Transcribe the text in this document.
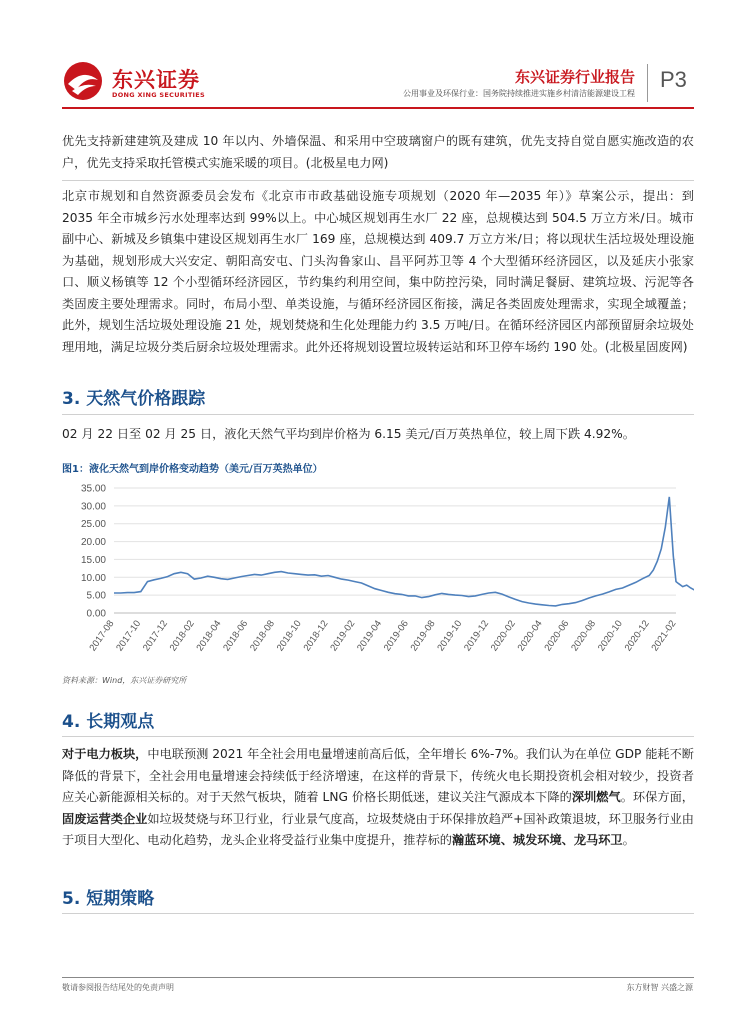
东兴证券
DONG XING SECURITIES
东兴证券行业报告
公用事业及环保行业：国务院持续推进实施乡村清洁能源建设工程
P3
优先支持新建建筑及建成 10 年以内、外墙保温、和采用中空玻璃窗户的既有建筑，优先支持自觉自愿实施改造的农户，优先支持采取托管模式实施采暖的项目。(北极星电力网)
北京市规划和自然资源委员会发布《北京市市政基础设施专项规划（2020 年—2035 年）》草案公示，提出：到 2035 年全市城乡污水处理率达到 99%以上。中心城区规划再生水厂 22 座，总规模达到 504.5 万立方米/日。城市副中心、新城及乡镇集中建设区规划再生水厂 169 座，总规模达到 409.7 万立方米/日；将以现状生活垃圾处理设施为基础，规划形成大兴安定、朝阳高安屯、门头沟鲁家山、昌平阿苏卫等 4 个大型循环经济园区，以及延庆小张家口、顺义杨镇等 12 个小型循环经济园区，节约集约利用空间，集中防控污染，同时满足餐厨、建筑垃圾、污泥等各类固废主要处理需求。同时，布局小型、单类设施，与循环经济园区衔接，满足各类固废处理需求，实现全域覆盖；此外，规划生活垃圾处理设施 21 处，规划焚烧和生化处理能力约 3.5 万吨/日。在循环经济园区内部预留厨余垃圾处理用地，满足垃圾分类后厨余垃圾处理需求。此外还将规划设置垃圾转运站和环卫停车场约 190 处。(北极星固废网)
3. 天然气价格跟踪
02 月 22 日至 02 月 25 日，液化天然气平均到岸价格为 6.15 美元/百万英热单位，较上周下跌 4.92%。
图1：液化天然气到岸价格变动趋势（美元/百万英热单位）
0.00
5.00
10.00
15.00
20.00
25.00
30.00
35.00
2017-08
2017-10
2017-12
2018-02
2018-04
2018-06
2018-08
2018-10
2018-12
2019-02
2019-04
2019-06
2019-08
2019-10
2019-12
2020-02
2020-04
2020-06
2020-08
2020-10
2020-12
2021-02
资料来源：Wind，东兴证券研究所
4. 长期观点
对于电力板块，中电联预测 2021 年全社会用电量增速前高后低，全年增长 6%-7%。我们认为在单位 GDP 能耗不断降低的背景下，全社会用电量增速会持续低于经济增速，在这样的背景下，传统火电长期投资机会相对较少，投资者应关心新能源相关标的。对于天然气板块，随着 LNG 价格长期低迷，建议关注气源成本下降的深圳燃气。环保方面，固废运营类企业如垃圾焚烧与环卫行业，行业景气度高，垃圾焚烧由于环保排放趋严+国补政策退坡，环卫服务行业由于项目大型化、电动化趋势，龙头企业将受益行业集中度提升，推荐标的瀚蓝环境、城发环境、龙马环卫。
5. 短期策略
敬请参阅报告结尾处的免责声明	东方财智 兴盛之源
